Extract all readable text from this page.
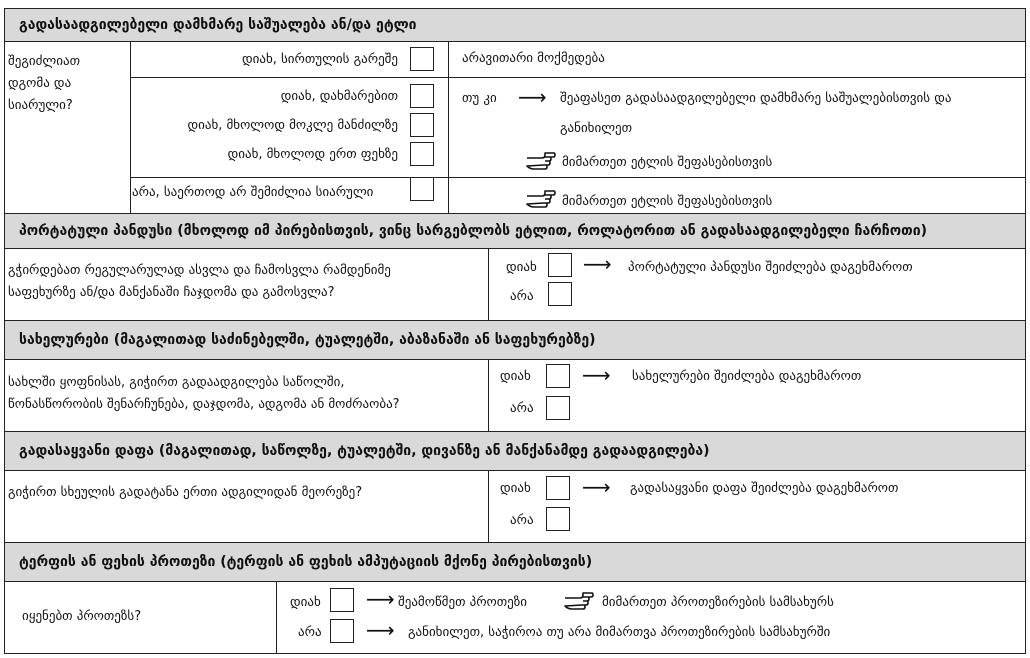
გადასაადგილებელი დამხმარე საშუალება ან/და ეტლი
შეგიძლიათ
დგომა და
სიარული?
დიახ, სირთულის გარეშე	არავითარი მოქმედება
დიახ, დახმარებით
დიახ, მხოლოდ მოკლე მანძილზე
დიახ, მხოლოდ ერთ ფეხზე
თუ კი ⟶ შეაფასეთ გადასაადგილებელი დამხმარე საშუალებისთვის და
განიხილეთ
მიმართეთ ეტლის შეფასებისთვის
არა, საერთოდ არ შემიძლია სიარული
მიმართეთ ეტლის შეფასებისთვის
პორტატული პანდუსი (მხოლოდ იმ პირებისთვის, ვინც სარგებლობს ეტლით, როლატორით ან გადასაადგილებელი ჩარჩოთი)
გჭირდებათ რეგულარულად ასვლა და ჩამოსვლა რამდენიმე
საფეხურზე ან/და მანქანაში ჩაჯდომა და გამოსვლა?
დიახ ⟶ პორტატული პანდუსი შეიძლება დაგეხმაროთ
არა
სახელურები (მაგალითად საძინებელში, ტუალეტში, აბაზანაში ან საფეხურებზე)
სახლში ყოფნისას, გიჭირთ გადაადგილება საწოლში,
წონასწორობის შენარჩუნება, დაჯდომა, ადგომა ან მოძრაობა?
დიახ	⟶ სახელურები შეიძლება დაგეხმაროთ
არა
გადასაყვანი დაფა (მაგალითად, საწოლზე, ტუალეტში, დივანზე ან მანქანამდე გადაადგილება)
გიჭირთ სხეულის გადატანა ერთი ადგილიდან მეორეზე?	დიახ	⟶ გადასაყვანი დაფა შეიძლება დაგეხმაროთ
არა
ტერფის ან ფეხის პროთეზი (ტერფის ან ფეხის ამპუტაციის მქონე პირებისთვის)
იყენებთ პროთეზს?
დიახ ⟶ შეამოწმეთ პროთეზი	მიმართეთ პროთეზირების სამსახურს
არა ⟶ განიხილეთ, საჭიროა თუ არა მიმართვა პროთეზირების სამსახურში
